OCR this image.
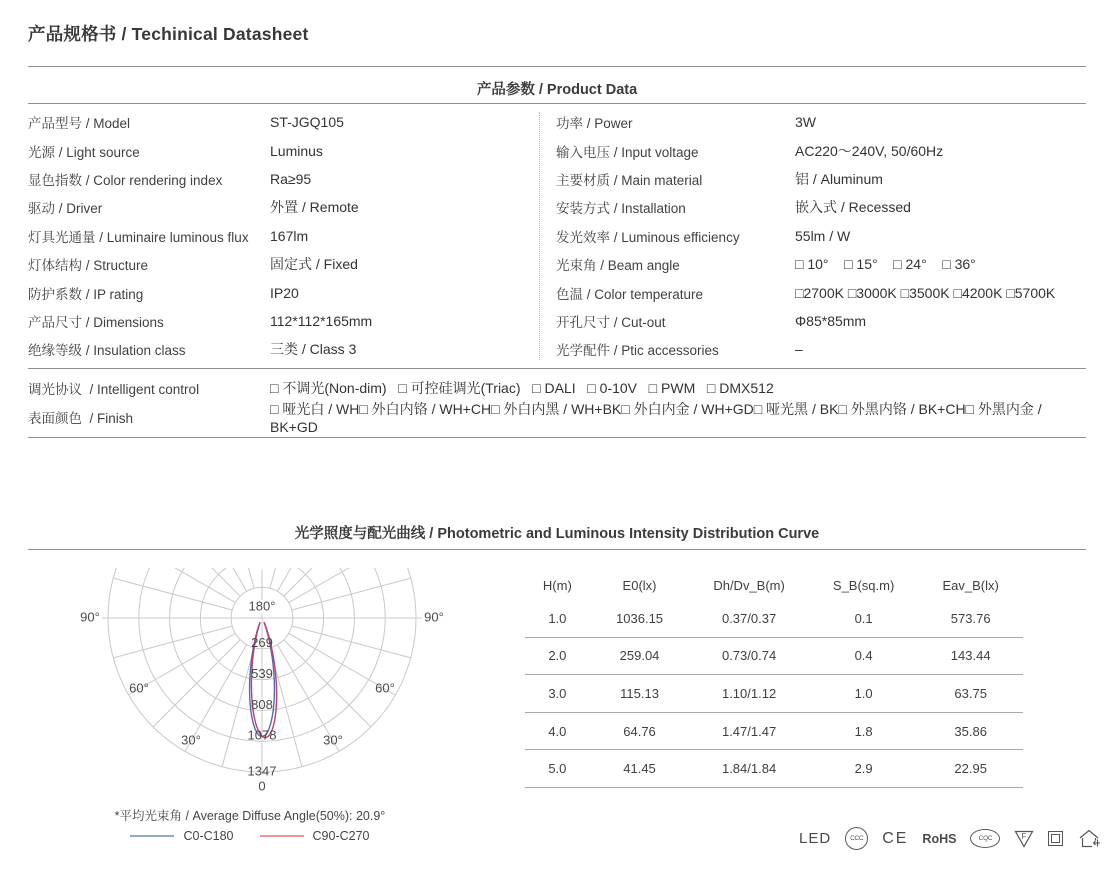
产品规格书 / Techinical Datasheet
产品参数 / Product Data
产品型号 / Model	ST-JGQ105
光源 / Light source	Luminus
显色指数 / Color rendering index	Ra≥95
驱动 / Driver	外置 / Remote
灯具光通量 / Luminaire luminous flux	167lm
灯体结构 / Structure	固定式 / Fixed
防护系数 / IP rating	IP20
产品尺寸 / Dimensions	112*112*165mm
绝缘等级 / Insulation class	三类 / Class 3
功率 / Power	3W
输入电压 / Input voltage	AC220～240V, 50/60Hz
主要材质 / Main material	铝 / Aluminum
安装方式 / Installation	嵌入式 / Recessed
发光效率 / Luminous efficiency	55lm / W
光束角 / Beam angle	□ 10°    □ 15°    □ 24°    □ 36°
色温 / Color temperature	□2700K □3000K □3500K □4200K □5700K
开孔尺寸 / Cut-out	Φ85*85mm
光学配件 / Ptic accessories	–
调光协议  / Intelligent control	□ 不调光(Non-dim)   □ 可控硅调光(Triac)   □ DALI   □ 0-10V   □ PWM   □ DMX512
表面颜色  / Finish
□ 哑光白 / WH□ 外白内铬 / WH+CH□ 外白内黑 / WH+BK□ 外白内金 / WH+GD□ 哑光黑 / BK□ 外黑内铬 / BK+CH□ 外黑内金 / BK+GD
光学照度与配光曲线 / Photometric and Luminous Intensity Distribution Curve
180°
90°	90°
60°	60°
30°	30°
0
269
539
808
1078
1347
*平均光束角 / Average Diffuse Angle(50%): 20.9°
C0-C180	C90-C270
H(m)	E0(lx)	Dh/Dv_B(m)	S_B(sq.m)	Eav_B(lx)
1.0	1036.15	0.37/0.37	0.1	573.76
2.0	259.04	0.73/0.74	0.4	143.44
3.0	115.13	1.10/1.12	1.0	63.75
4.0	64.76	1.47/1.47	1.8	35.86
5.0	41.45	1.84/1.84	2.9	22.95
LED	CCC CE RoHS	CQC	F
